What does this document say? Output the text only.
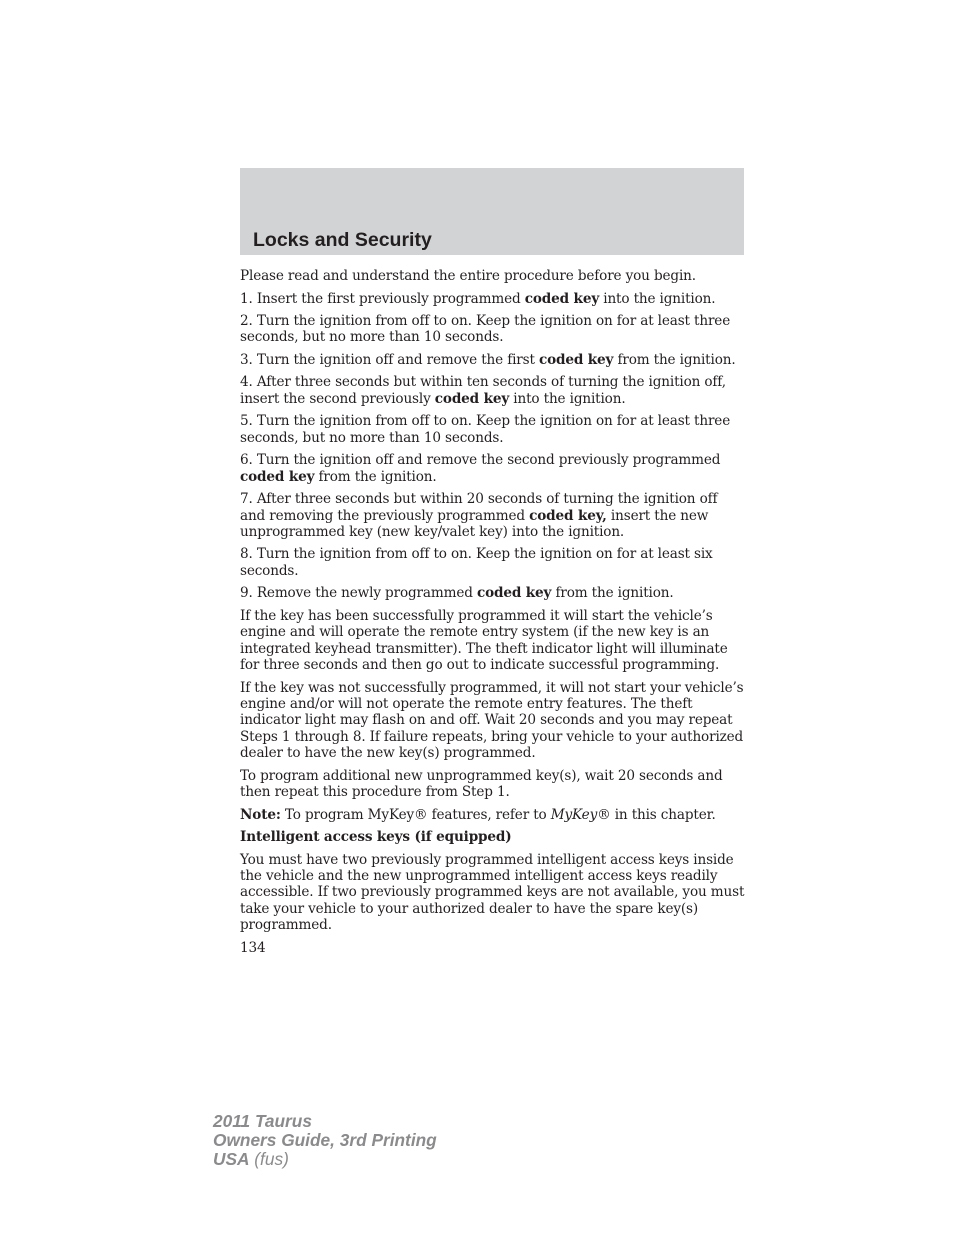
Locks and Security

Please read and understand the entire procedure before you begin.

1. Insert the first previously programmed coded key into the ignition.

2. Turn the ignition from off to on. Keep the ignition on for at least three seconds, but no more than 10 seconds.

3. Turn the ignition off and remove the first coded key from the ignition.

4. After three seconds but within ten seconds of turning the ignition off, insert the second previously coded key into the ignition.

5. Turn the ignition from off to on. Keep the ignition on for at least three seconds, but no more than 10 seconds.

6. Turn the ignition off and remove the second previously programmed coded key from the ignition.

7. After three seconds but within 20 seconds of turning the ignition off and removing the previously programmed coded key, insert the new unprogrammed key (new key/valet key) into the ignition.

8. Turn the ignition from off to on. Keep the ignition on for at least six seconds.

9. Remove the newly programmed coded key from the ignition.

If the key has been successfully programmed it will start the vehicle’s engine and will operate the remote entry system (if the new key is an integrated keyhead transmitter). The theft indicator light will illuminate for three seconds and then go out to indicate successful programming.

If the key was not successfully programmed, it will not start your vehicle’s engine and/or will not operate the remote entry features. The theft indicator light may flash on and off. Wait 20 seconds and you may repeat Steps 1 through 8. If failure repeats, bring your vehicle to your authorized dealer to have the new key(s) programmed.

To program additional new unprogrammed key(s), wait 20 seconds and then repeat this procedure from Step 1.

Note: To program MyKey® features, refer to MyKey® in this chapter.

Intelligent access keys (if equipped)

You must have two previously programmed intelligent access keys inside the vehicle and the new unprogrammed intelligent access keys readily accessible. If two previously programmed keys are not available, you must take your vehicle to your authorized dealer to have the spare key(s) programmed.

134
2011 Taurus
Owners Guide, 3rd Printing
USA (fus)
